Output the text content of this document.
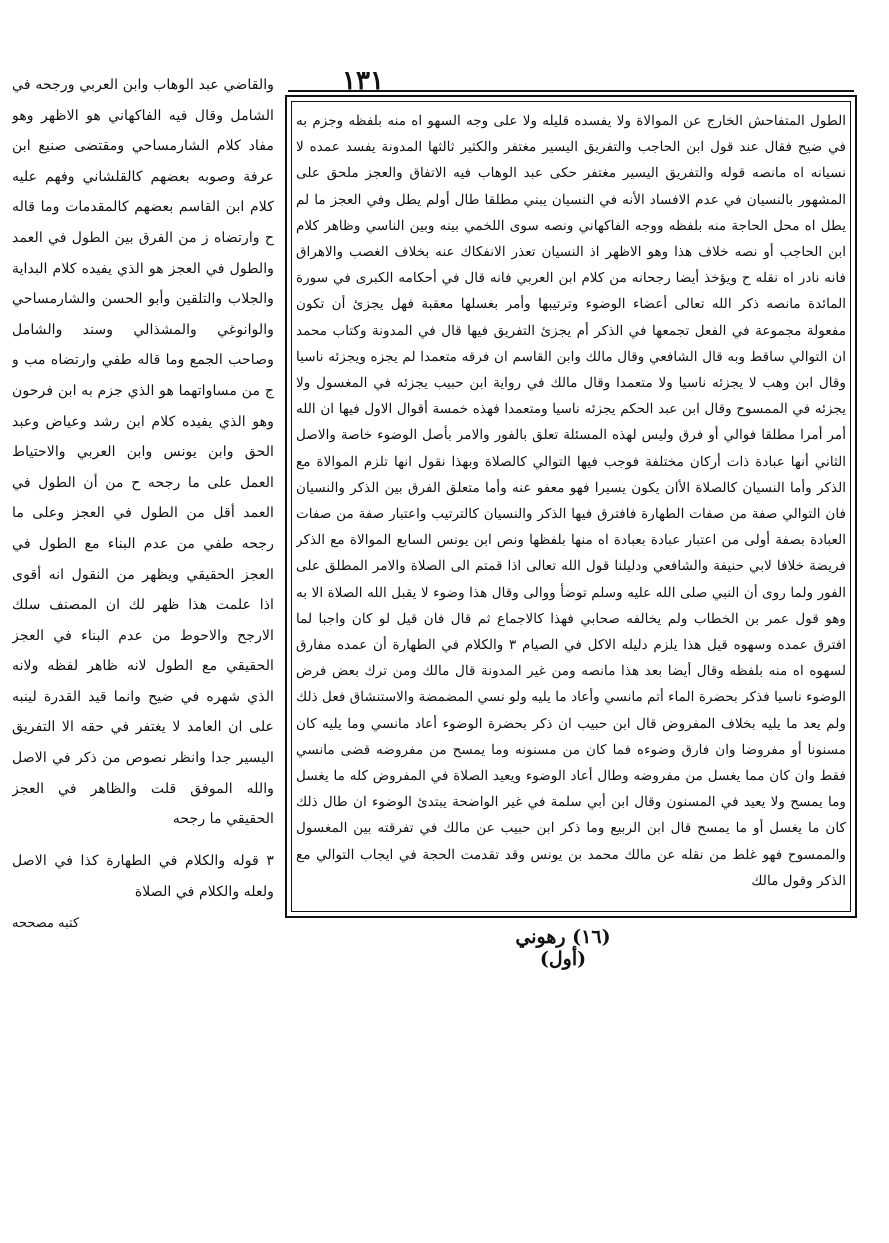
١٣١

الطول المتفاحش الخارج عن الموالاة ولا يفسده قليله ولا على وجه السهو اه منه بلفظه وجزم به في ضيح فقال عند قول ابن الحاجب والتفريق اليسير مغتفر والكثير ثالثها المدونة يفسد عمده لا نسيانه اه مانصه قوله والتفريق اليسير مغتفر حكى عبد الوهاب فيه الاتفاق والعجز ملحق على المشهور بالنسيان في عدم الافساد الأنه في النسيان يبني مطلقا طال أولم يطل وفي العجز ما لم يطل اه محل الحاجة منه بلفظه ووجه الفاكهاني ونصه سوى اللخمي بينه وبين الناسي وظاهر كلام ابن الحاجب أو نصه خلاف هذا وهو الاظهر اذ النسيان تعذر الانفكاك عنه بخلاف الغصب والاهراق فانه نادر اه نقله ح ويؤخذ أيضا رجحانه من كلام ابن العربي فانه قال في أحكامه الكبرى في سورة المائدة مانصه ذكر الله تعالى أعضاء الوضوء وترتيبها وأمر بغسلها معقبة فهل يجزئ أن تكون مفعولة مجموعة في الفعل تجمعها في الذكر أم يجزئ التفريق فيها قال في المدونة وكتاب محمد ان التوالي ساقط وبه قال الشافعي وقال مالك وابن القاسم ان فرقه متعمدا لم يجزه ويجزئه ناسيا وقال ابن وهب لا يجزئه ناسيا ولا متعمدا وقال مالك في رواية ابن حبيب يجزئه في المغسول ولا يجزئه في الممسوح وقال ابن عبد الحكم يجزئه ناسيا ومتعمدا فهذه خمسة أقوال الاول فيها ان الله أمر أمرا مطلقا فوالي أو فرق وليس لهذه المسئلة تعلق بالفور والامر بأصل الوضوء خاصة والاصل الثاني أنها عبادة ذات أركان مختلفة فوجب فيها التوالي كالصلاة وبهذا نقول انها تلزم الموالاة مع الذكر وأما النسيان كالصلاة الأان يكون يسيرا فهو معفو عنه وأما متعلق الفرق بين الذكر والنسيان فان التوالي صفة من صفات الطهارة فافترق فيها الذكر والنسيان كالترتيب واعتبار صفة من صفات العبادة بصفة أولى من اعتبار عبادة بعبادة اه منها بلفظها ونص ابن يونس السابع الموالاة مع الذكر فريضة خلافا لابي حنيفة والشافعي ودليلنا قول الله تعالى اذا قمتم الى الصلاة والامر المطلق على الفور ولما روى أن النبي صلى الله عليه وسلم توضأ ووالى وقال هذا وضوء لا يقبل الله الصلاة الا به وهو قول عمر بن الخطاب ولم يخالفه صحابي فهذا كالاجماع ثم قال فان قيل لو كان واجبا لما افترق عمده وسهوه قيل هذا يلزم دليله الاكل في الصيام ٣ والكلام في الطهارة أن عمده مفارق لسهوه اه منه بلفظه وقال أيضا بعد هذا مانصه ومن غير المدونة قال مالك ومن ترك بعض فرض الوضوء ناسيا فذكر بحضرة الماء أتم مانسي وأعاد ما يليه ولو نسي المضمضة والاستنشاق فعل ذلك ولم يعد ما يليه بخلاف المفروض قال ابن حبيب ان ذكر بحضرة الوضوء أعاد مانسي وما يليه كان مسنونا أو مفروضا وان فارق وضوءه فما كان من مسنونه وما يمسح من مفروضه قضى مانسي فقط وان كان مما يغسل من مفروضه وطال أعاد الوضوء ويعيد الصلاة في المفروض كله ما يغسل وما يمسح ولا يعيد في المسنون وقال ابن أبي سلمة في غير الواضحة يبتدئ الوضوء ان طال ذلك كان ما يغسل أو ما يمسح قال ابن الربيع وما ذكر ابن حبيب عن مالك في تفرقته بين المغسول والممسوح فهو غلط من نقله عن مالك محمد بن يونس وقد تقدمت الحجة في ايجاب التوالي مع الذكر وقول مالك

والقاضي عبد الوهاب وابن العربي ورجحه في الشامل وقال فيه الفاكهاني هو الاظهر وهو مفاد كلام الشارمساحي ومقتضى صنيع ابن عرفة وصوبه بعضهم كالقلشاني وفهم عليه كلام ابن القاسم بعضهم كالمقدمات وما قاله ح وارتضاه ز من الفرق بين الطول في العمد والطول في العجز هو الذي يفيده كلام البداية والجلاب والتلقين وأبو الحسن والشارمساحي والوانوغي والمشذالي وسند والشامل وصاحب الجمع وما قاله طفي وارتضاه مب و ج من مساواتهما هو الذي جزم به ابن فرحون وهو الذي يفيده كلام ابن رشد وعياض وعبد الحق وابن يونس وابن العربي والاحتياط العمل على ما رجحه ح من أن الطول في العمد أقل من الطول في العجز وعلى ما رجحه طفي من عدم البناء مع الطول في العجز الحقيقي ويظهر من النقول انه أقوى اذا علمت هذا ظهر لك ان المصنف سلك الارجح والاحوط من عدم البناء في العجز الحقيقي مع الطول لانه ظاهر لفظه ولانه الذي شهره في ضيح وانما قيد القدرة لينبه على ان العامد لا يغتفر في حقه الا التفريق اليسير جدا وانظر نصوص من ذكر في الاصل والله الموفق قلت والظاهر في العجز الحقيقي ما رجحه

٣ قوله والكلام في الطهارة كذا في الاصل ولعله والكلام في الصلاة

كتبه مصححه

(١٦) رهوني (أول)
